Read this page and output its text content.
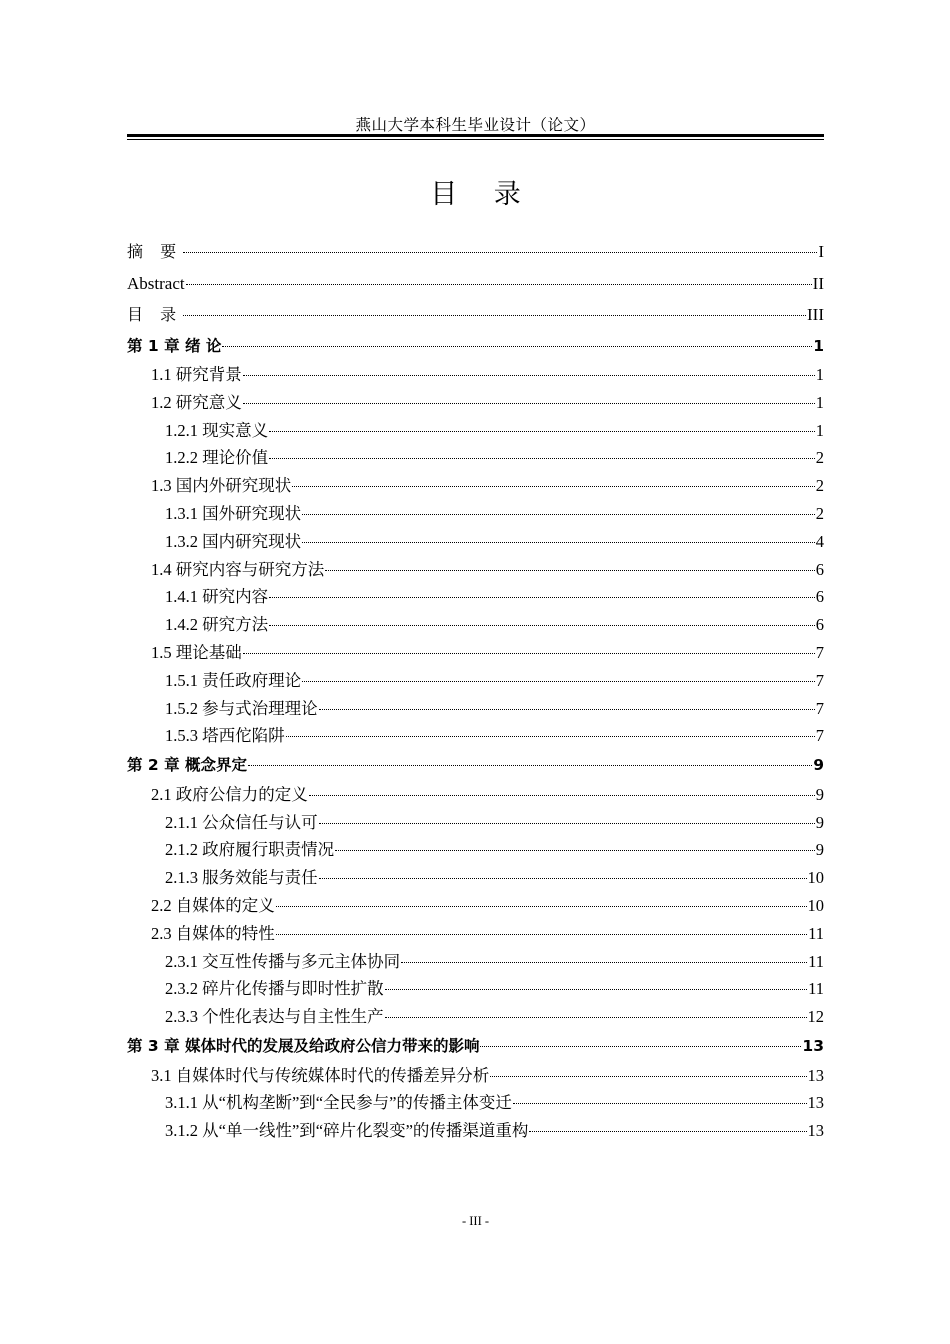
燕山大学本科生毕业设计（论文）
目 录
摘 要	I
Abstract	II
目 录	III
第 1 章 绪 论	1
1.1 研究背景	1
1.2 研究意义	1
1.2.1 现实意义	1
1.2.2 理论价值	2
1.3 国内外研究现状	2
1.3.1 国外研究现状	2
1.3.2 国内研究现状	4
1.4 研究内容与研究方法	6
1.4.1 研究内容	6
1.4.2 研究方法	6
1.5 理论基础	7
1.5.1 责任政府理论	7
1.5.2 参与式治理理论	7
1.5.3 塔西佗陷阱	7
第 2 章 概念界定	9
2.1 政府公信力的定义	9
2.1.1 公众信任与认可	9
2.1.2 政府履行职责情况	9
2.1.3 服务效能与责任	10
2.2 自媒体的定义	10
2.3 自媒体的特性	11
2.3.1 交互性传播与多元主体协同	11
2.3.2 碎片化传播与即时性扩散	11
2.3.3 个性化表达与自主性生产	12
第 3 章 媒体时代的发展及给政府公信力带来的影响	13
3.1 自媒体时代与传统媒体时代的传播差异分析	13
3.1.1 从“机构垄断”到“全民参与”的传播主体变迁	13
3.1.2 从“单一线性”到“碎片化裂变”的传播渠道重构	13
- III -
